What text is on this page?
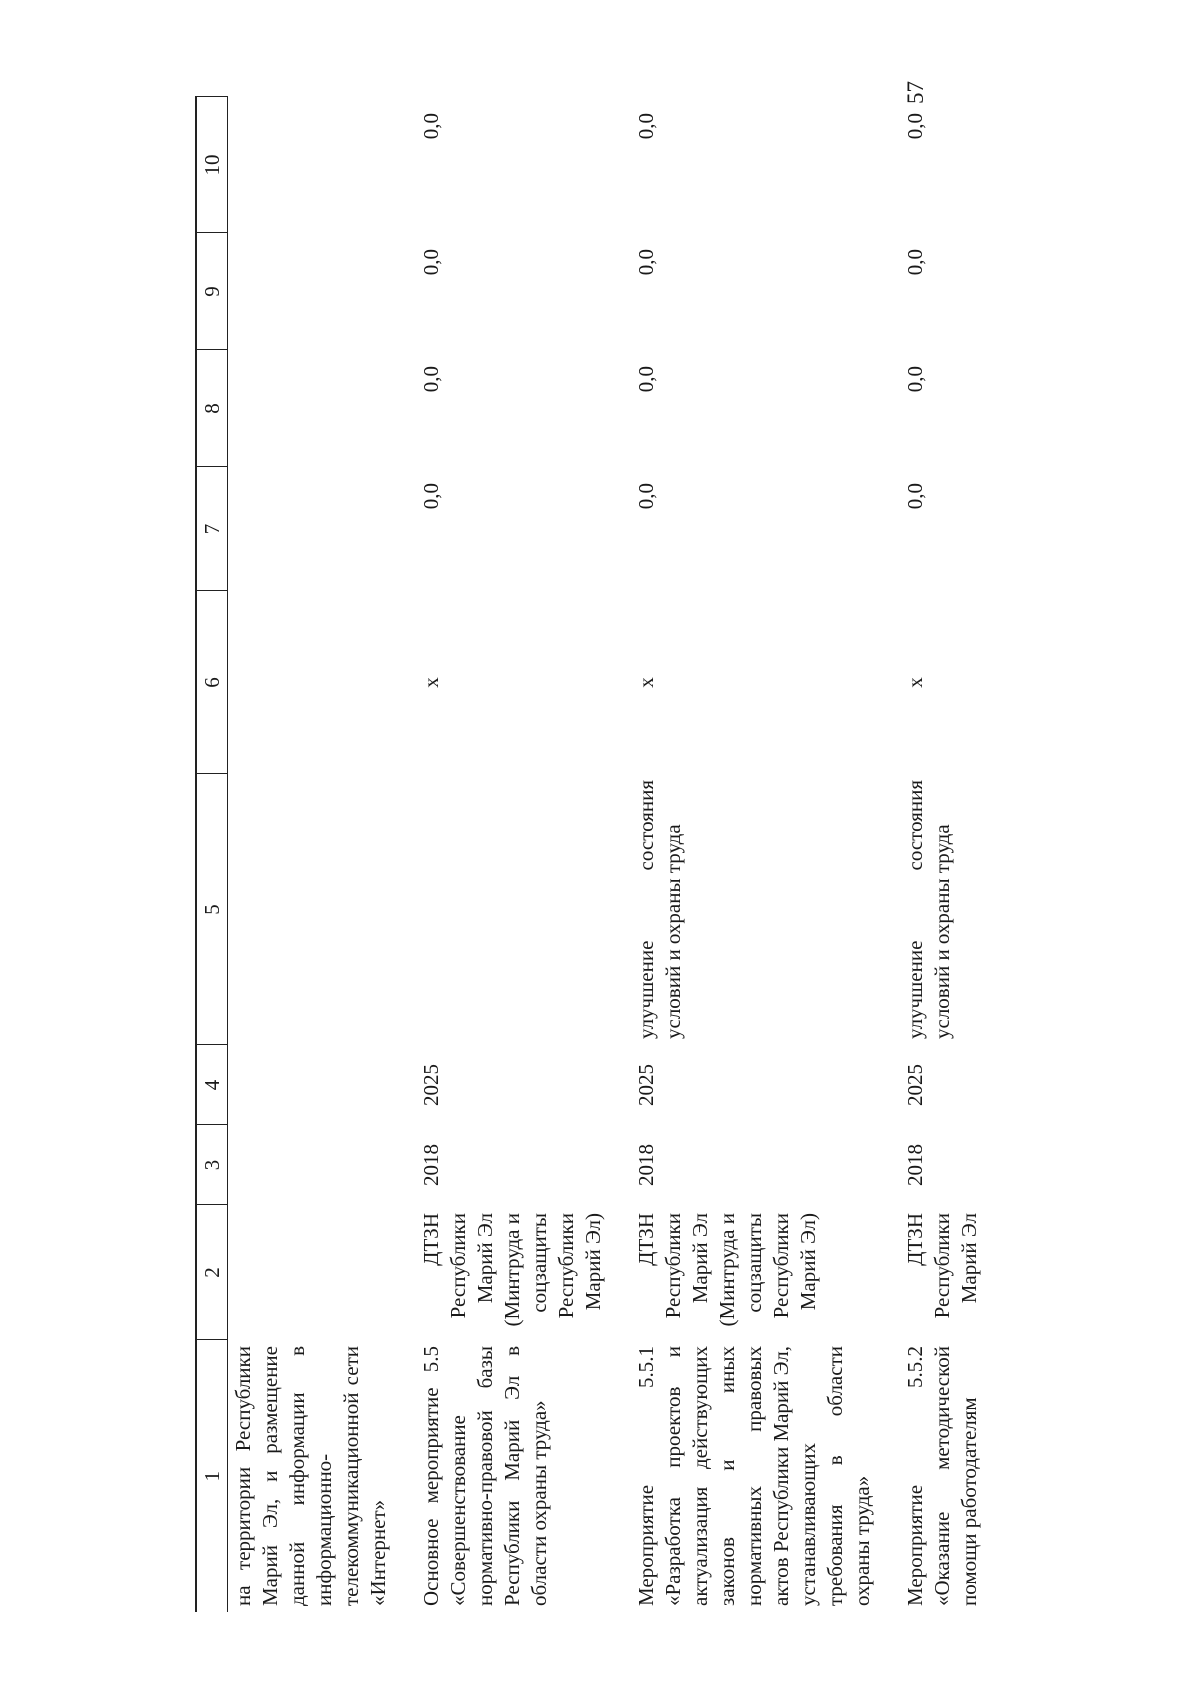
57
1	2	3	4	5	6	7	8	9	10
на территории Республики Марий Эл, и размещение данной информации в информационно-телекоммуникационной сети «Интернет»									
Основное мероприятие 5.5 «Совершенствование нормативно-правовой базы Республики Марий Эл в области охраны труда»	ДТЗН Республики Марий Эл (Минтруда и соцзащиты Республики Марий Эл)	2018	2025		х	0,0	0,0	0,0	0,0
Мероприятие 5.5.1 «Разработка проектов и актуализация действующих законов и иных нормативных правовых актов Республики Марий Эл, устанавливающих требования в области охраны труда»	ДТЗН Республики Марий Эл (Минтруда и соцзащиты Республики Марий Эл)	2018	2025	улучшение состояния условий и охраны труда	х	0,0	0,0	0,0	0,0
Мероприятие 5.5.2 «Оказание методической помощи работодателям	ДТЗН Республики Марий Эл	2018	2025	улучшение состояния условий и охраны труда	х	0,0	0,0	0,0	0,0
